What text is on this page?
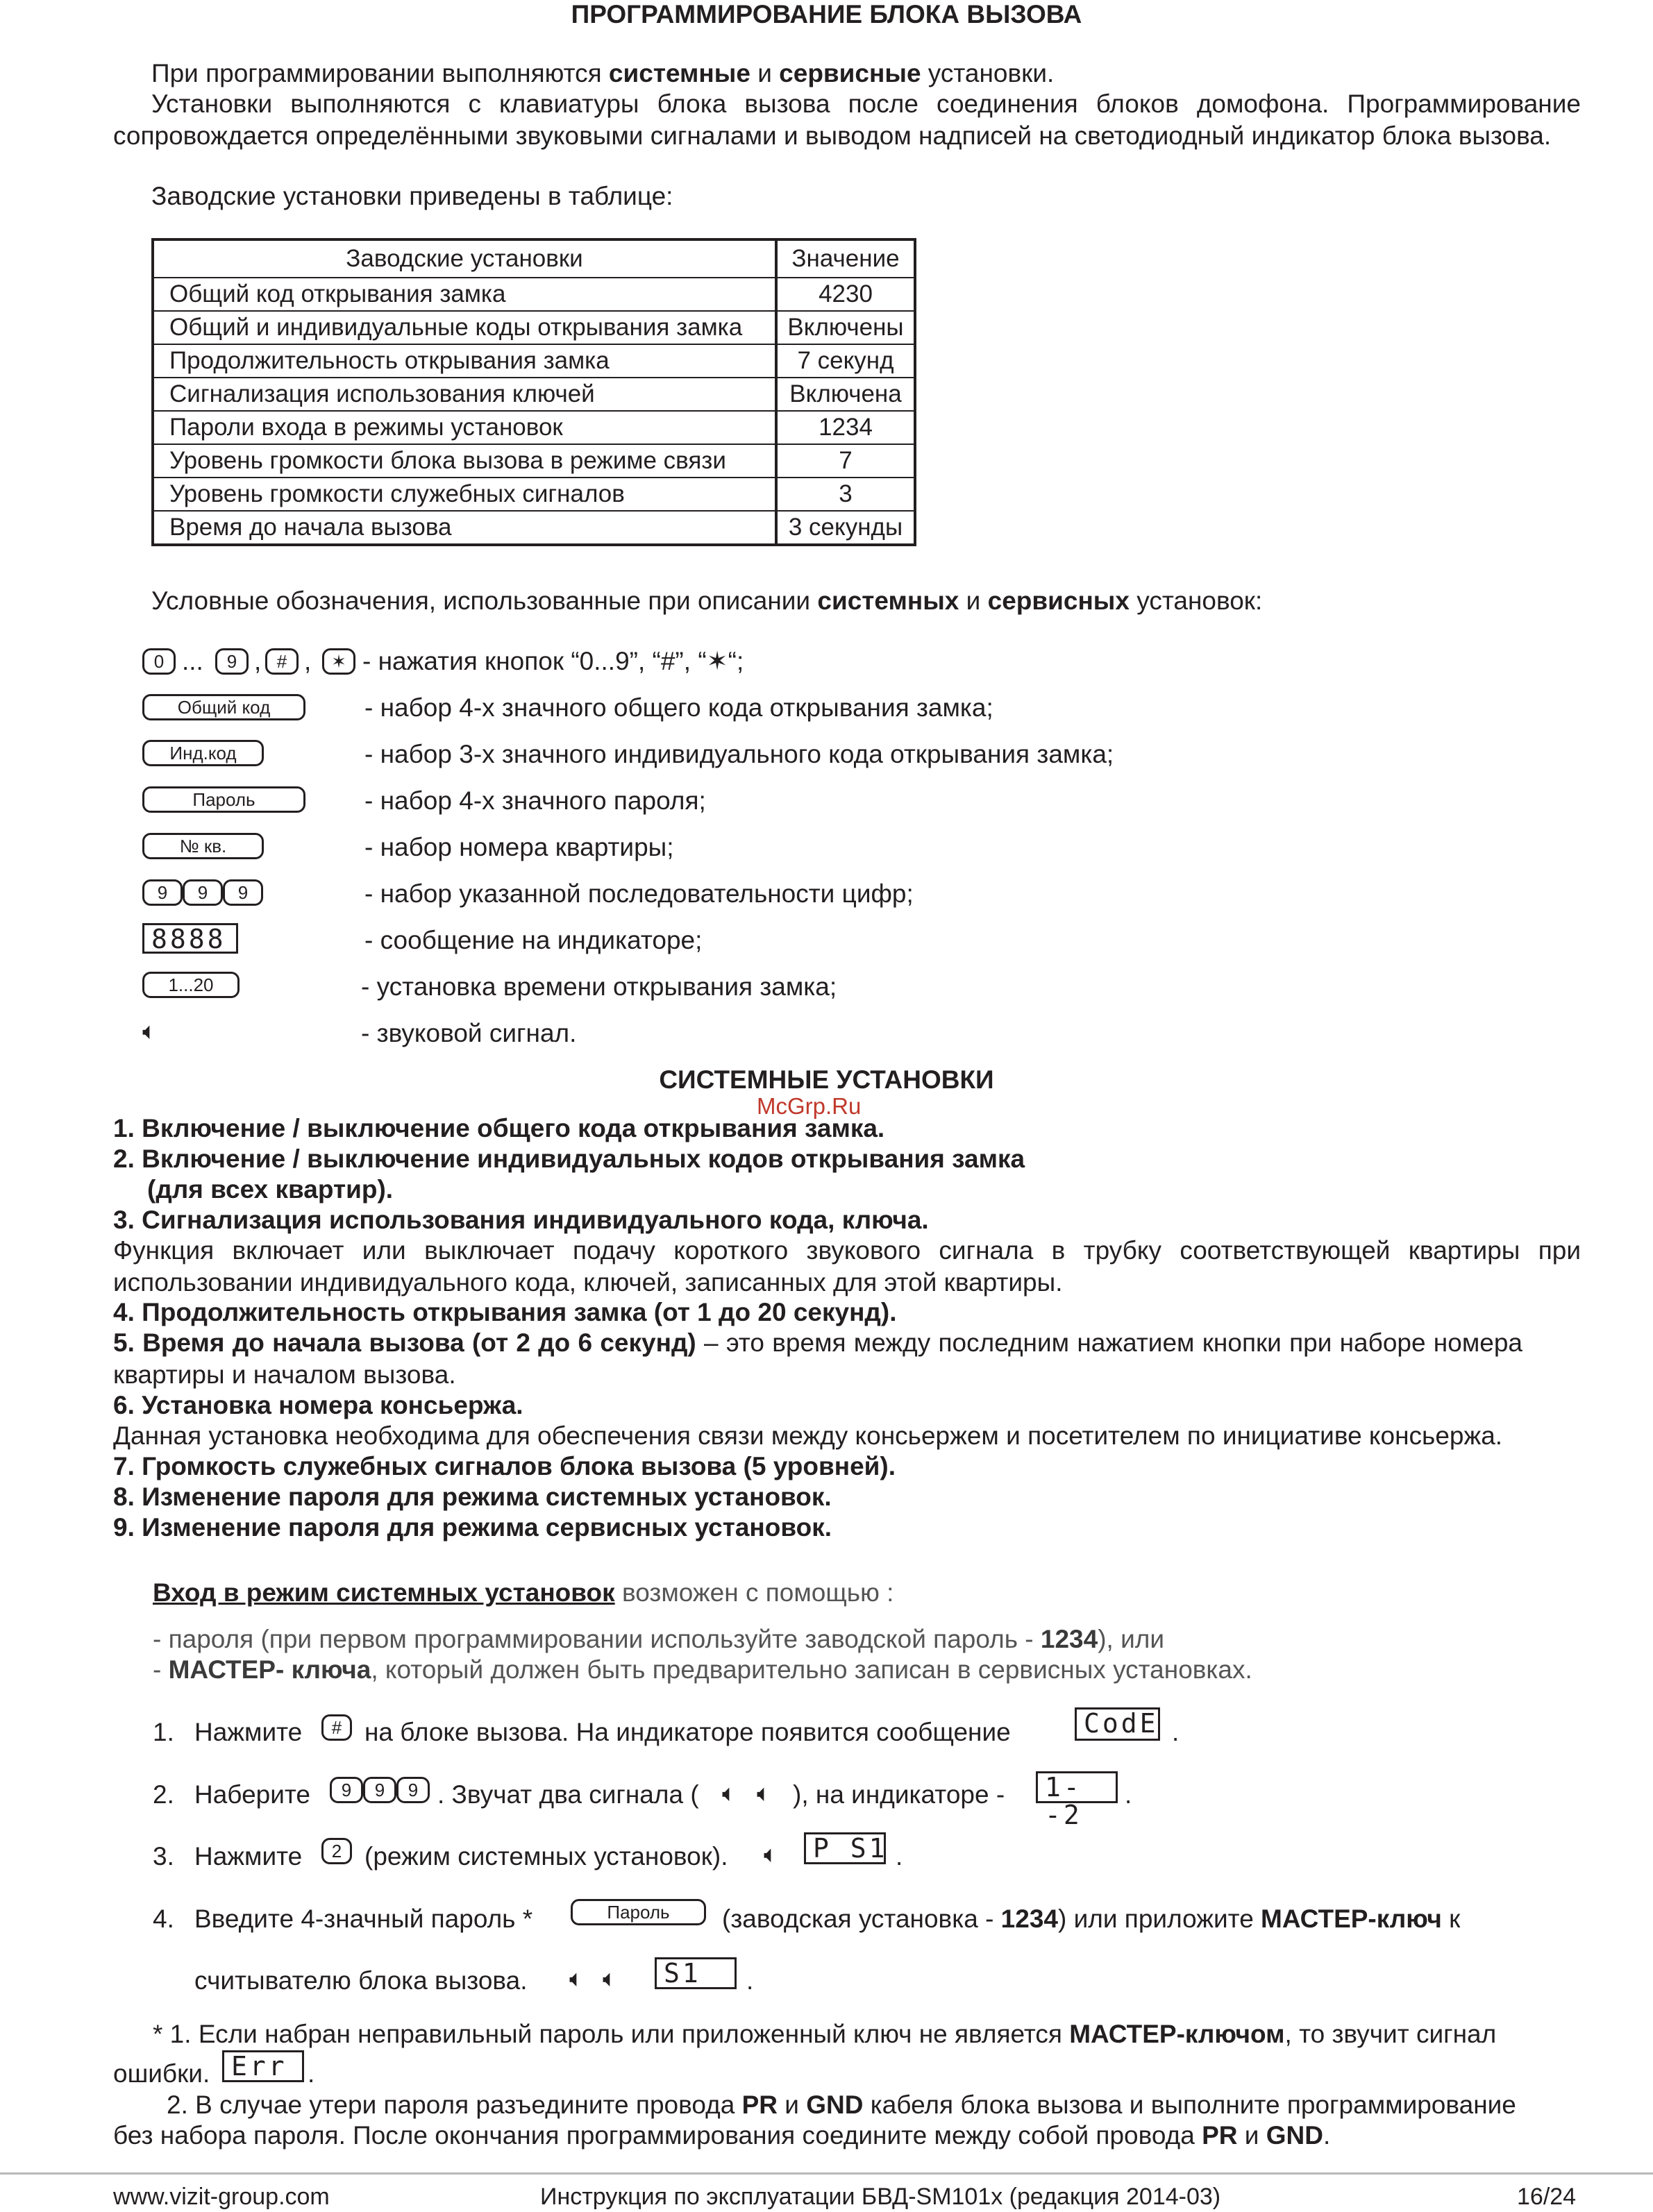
ПРОГРАММИРОВАНИЕ БЛОКА ВЫЗОВА
При программировании выполняются системные и сервисные установки.
Установки выполняются с клавиатуры блока вызова после соединения блоков домофона. Программирование сопровождается определёнными звуковыми сигналами и выводом надписей на светодиодный индикатор блока вызова.
Заводские установки приведены в таблице:
Заводские установки	Значение
Общий код открывания замка	4230
Общий и индивидуальные коды открывания замка	Включены
Продолжительность открывания замка	7 секунд
Сигнализация использования ключей	Включена
Пароли входа в режимы установок	1234
Уровень громкости блока вызова в режиме связи	7
Уровень громкости служебных сигналов	3
Время до начала вызова	3 секунды
Условные обозначения, использованные при описании системных и сервисных установок:
0 ...	9 , # ,	✶ - нажатия кнопок “0...9”, “#”, “✶“;
Общий код	- набор 4-х значного общего кода открывания замка;
Инд.код	- набор 3-х значного индивидуального кода открывания замка;
Пароль	- набор 4-х значного пароля;
№ кв.	- набор номера квартиры;
9	9	9	- набор указанной последовательности цифр;
8888	- сообщение на индикаторе;
1...20	- установка времени открывания замка;
🔈︎	- звуковой сигнал.
СИСТЕМНЫЕ УСТАНОВКИ
McGrp.Ru
1. Включение / выключение общего кода открывания замка.
2. Включение / выключение индивидуальных кодов открывания замка
(для всех квартир).
3. Сигнализация использования индивидуального кода, ключа.
Функция включает или выключает подачу короткого звукового сигнала в трубку соответствующей квартиры при использовании индивидуального кода, ключей, записанных для этой квартиры.
4. Продолжительность открывания замка (от 1 до 20 секунд).
5. Время до начала вызова (от 2 до 6 секунд) – это время между последним нажатием кнопки при наборе номера квартиры и началом вызова.
6. Установка номера консьержа.
Данная установка необходима для обеспечения связи между консьержем и посетителем по инициативе консьержа.
7. Громкость служебных сигналов блока вызова (5 уровней).
8. Изменение пароля для режима системных установок.
9. Изменение пароля для режима сервисных установок.
Вход в режим системных установок возможен с помощью :
- пароля (при первом программировании используйте заводской пароль - 1234), или
- МАСТЕР- ключа, который должен быть предварительно записан в сервисных установках.
1. Нажмите	# на блоке вызова. На индикаторе появится сообщение	CodE .
2. Наберите	9	9	9 . Звучат два сигнала ( 🔈︎ 🔈︎ ), на индикаторе -	1--2
.
3. Нажмите	2 (режим системных установок). 🔈︎	P_S1 .
4. Введите 4-значный пароль *	Пароль	(заводская установка - 1234) или приложите МАСТЕР-ключ к
считывателю блока вызова. 🔈︎ 🔈︎	S1_	.
* 1. Если набран неправильный пароль или приложенный ключ не является МАСТЕР-ключом, то звучит сигнал
ошибки. Err .
2. В случае утери пароля разъедините провода PR и GND кабеля блока вызова и выполните программирование
без набора пароля. После окончания программирования соедините между собой провода PR и GND.
www.vizit-group.com	Инструкция по эксплуатации БВД-SM101х (редакция 2014-03)	16/24
